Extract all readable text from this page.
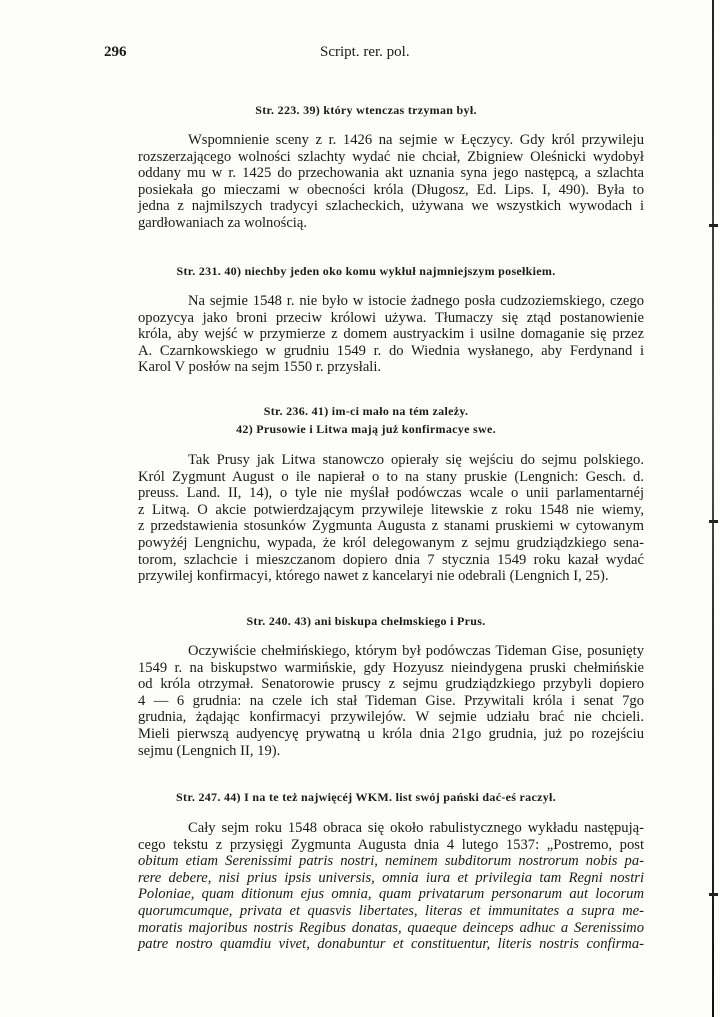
296	Script. rer. pol.

Str. 223. 39) który wtenczas trzyman był.

Wspomnienie sceny z r. 1426 na sejmie w Łęczycy. Gdy król przywileju
rozszerzającego wolności szlachty wydać nie chciał, Zbigniew Oleśnicki wydobył
oddany mu w r. 1425 do przechowania akt uznania syna jego następcą, a szlachta
posiekała go mieczami w obecności króla (Długosz, Ed. Lips. I, 490). Była to
jedna z najmilszych tradycyi szlacheckich, używana we wszystkich wywodach i
gardłowaniach za wolnością.

Str. 231. 40) niechby jeden oko komu wykłuł najmniejszym posełkiem.

Na sejmie 1548 r. nie było w istocie żadnego posła cudzoziemskiego, czego
opozycya jako broni przeciw królowi używa. Tłumaczy się ztąd postanowienie
króla, aby wejść w przymierze z domem austryackim i usilne domaganie się przez
A. Czarnkowskiego w grudniu 1549 r. do Wiednia wysłanego, aby Ferdynand i
Karol V posłów na sejm 1550 r. przysłali.

Str. 236. 41) im-ci mało na tém zależy.

42) Prusowie i Litwa mają już konfirmacye swe.

Tak Prusy jak Litwa stanowczo opierały się wejściu do sejmu polskiego.
Król Zygmunt August o ile napierał o to na stany pruskie (Lengnich: Gesch. d.
preuss. Land. II, 14), o tyle nie myślał podówczas wcale o unii parlamentarnéj
z Litwą. O akcie potwierdzającym przywileje litewskie z roku 1548 nie wiemy,
z przedstawienia stosunków Zygmunta Augusta z stanami pruskiemi w cytowanym
powyżéj Lengnichu, wypada, że król delegowanym z sejmu grudziądzkiego sena-
torom, szlachcie i mieszczanom dopiero dnia 7 stycznia 1549 roku kazał wydać
przywilej konfirmacyi, którego nawet z kancelaryi nie odebrali (Lengnich I, 25).

Str. 240. 43) ani biskupa chełmskiego i Prus.

Oczywiście chełmińskiego, którym był podówczas Tideman Gise, posunięty
1549 r. na biskupstwo warmińskie, gdy Hozyusz nieindygena pruski chełmińskie
od króla otrzymał. Senatorowie pruscy z sejmu grudziądzkiego przybyli dopiero
4 — 6 grudnia: na czele ich stał Tideman Gise. Przywitali króla i senat 7go
grudnia, żądając konfirmacyi przywilejów. W sejmie udziału brać nie chcieli.
Mieli pierwszą audyencyę prywatną u króla dnia 21go grudnia, już po rozejściu
sejmu (Lengnich II, 19).

Str. 247. 44) I na te też najwięcéj WKM. list swój pański dać-eś raczył.

Cały sejm roku 1548 obraca się około rabulistycznego wykładu następują-
cego tekstu z przysięgi Zygmunta Augusta dnia 4 lutego 1537: „Postremo, post
obitum etiam Serenissimi patris nostri, neminem subditorum nostrorum nobis pa-
rere debere, nisi prius ipsis universis, omnia iura et privilegia tam Regni nostri
Poloniae, quam ditionum ejus omnia, quam privatarum personarum aut locorum
quorumcumque, privata et quasvis libertates, literas et immunitates a supra me-
moratis majoribus nostris Regibus donatas, quaeque deinceps adhuc a Serenissimo
patre nostro quamdiu vivet, donabuntur et constituentur, literis nostris confirma-
